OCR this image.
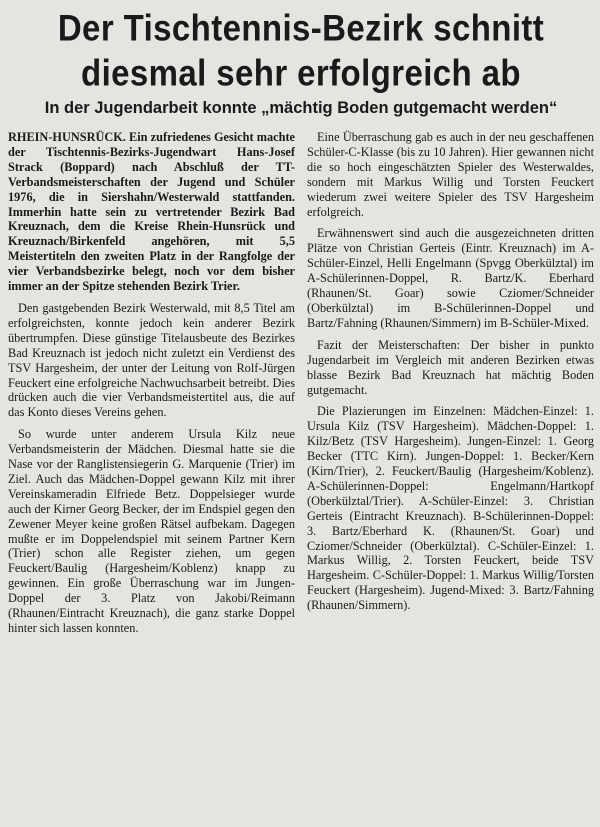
Der Tischtennis-Bezirk schnitt
diesmal sehr erfolgreich ab
In der Jugendarbeit konnte „mächtig Boden gutgemacht werden“

RHEIN-HUNSRÜCK. Ein zufriedenes Gesicht machte der Tischtennis-Bezirks-Jugendwart Hans-Josef Strack (Boppard) nach Abschluß der TT-Verbandsmeisterschaften der Jugend und Schüler 1976, die in Siershahn/Westerwald stattfanden. Immerhin hatte sein zu vertretender Bezirk Bad Kreuznach, dem die Kreise Rhein-Hunsrück und Kreuznach/Birkenfeld angehören, mit 5,5 Meistertiteln den zweiten Platz in der Rangfolge der vier Verbandsbezirke belegt, noch vor dem bisher immer an der Spitze stehenden Bezirk Trier.

Den gastgebenden Bezirk Westerwald, mit 8,5 Titel am erfolgreichsten, konnte jedoch kein anderer Bezirk übertrumpfen. Diese günstige Titelausbeute des Bezirkes Bad Kreuznach ist jedoch nicht zuletzt ein Verdienst des TSV Hargesheim, der unter der Leitung von Rolf-Jürgen Feuckert eine erfolgreiche Nachwuchsarbeit betreibt. Dies drücken auch die vier Verbandsmeistertitel aus, die auf das Konto dieses Vereins gehen.

So wurde unter anderem Ursula Kilz neue Verbandsmeisterin der Mädchen. Diesmal hatte sie die Nase vor der Ranglistensiegerin G. Marquenie (Trier) im Ziel. Auch das Mädchen-Doppel gewann Kilz mit ihrer Vereinskameradin Elfriede Betz. Doppelsieger wurde auch der Kirner Georg Becker, der im Endspiel gegen den Zewener Meyer keine großen Rätsel aufbekam. Dagegen mußte er im Doppelendspiel mit seinem Partner Kern (Trier) schon alle Register ziehen, um gegen Feuckert/Baulig (Hargesheim/Koblenz) knapp zu gewinnen. Ein große Überraschung war im Jungen-Doppel der 3. Platz von Jakobi/Reimann (Rhaunen/Eintracht Kreuznach), die ganz starke Doppel hinter sich lassen konnten.

Eine Überraschung gab es auch in der neu geschaffenen Schüler-C-Klasse (bis zu 10 Jahren). Hier gewannen nicht die so hoch eingeschätzten Spieler des Westerwaldes, sondern mit Markus Willig und Torsten Feuckert wiederum zwei weitere Spieler des TSV Hargesheim erfolgreich.

Erwähnenswert sind auch die ausgezeichneten dritten Plätze von Christian Gerteis (Eintr. Kreuznach) im A-Schüler-Einzel, Helli Engelmann (Spvgg Oberkülztal) im A-Schülerinnen-Doppel, R. Bartz/K. Eberhard (Rhaunen/St. Goar) sowie Cziomer/Schneider (Oberkülztal) im B-Schülerinnen-Doppel und Bartz/Fahning (Rhaunen/Simmern) im B-Schüler-Mixed.

Fazit der Meisterschaften: Der bisher in punkto Jugendarbeit im Vergleich mit anderen Bezirken etwas blasse Bezirk Bad Kreuznach hat mächtig Boden gutgemacht.

Die Plazierungen im Einzelnen: Mädchen-Einzel: 1. Ursula Kilz (TSV Hargesheim). Mädchen-Doppel: 1. Kilz/Betz (TSV Hargesheim). Jungen-Einzel: 1. Georg Becker (TTC Kirn). Jungen-Doppel: 1. Becker/Kern (Kirn/Trier), 2. Feuckert/Baulig (Hargesheim/Koblenz). A-Schülerinnen-Doppel: Engelmann/Hartkopf (Oberkülztal/Trier). A-Schüler-Einzel: 3. Christian Gerteis (Eintracht Kreuznach). B-Schülerinnen-Doppel: 3. Bartz/Eberhard K. (Rhaunen/St. Goar) und Cziomer/Schneider (Oberkülztal). C-Schüler-Einzel: 1. Markus Willig, 2. Torsten Feuckert, beide TSV Hargesheim. C-Schüler-Doppel: 1. Markus Willig/Torsten Feuckert (Hargesheim). Jugend-Mixed: 3. Bartz/Fahning (Rhaunen/Simmern).
